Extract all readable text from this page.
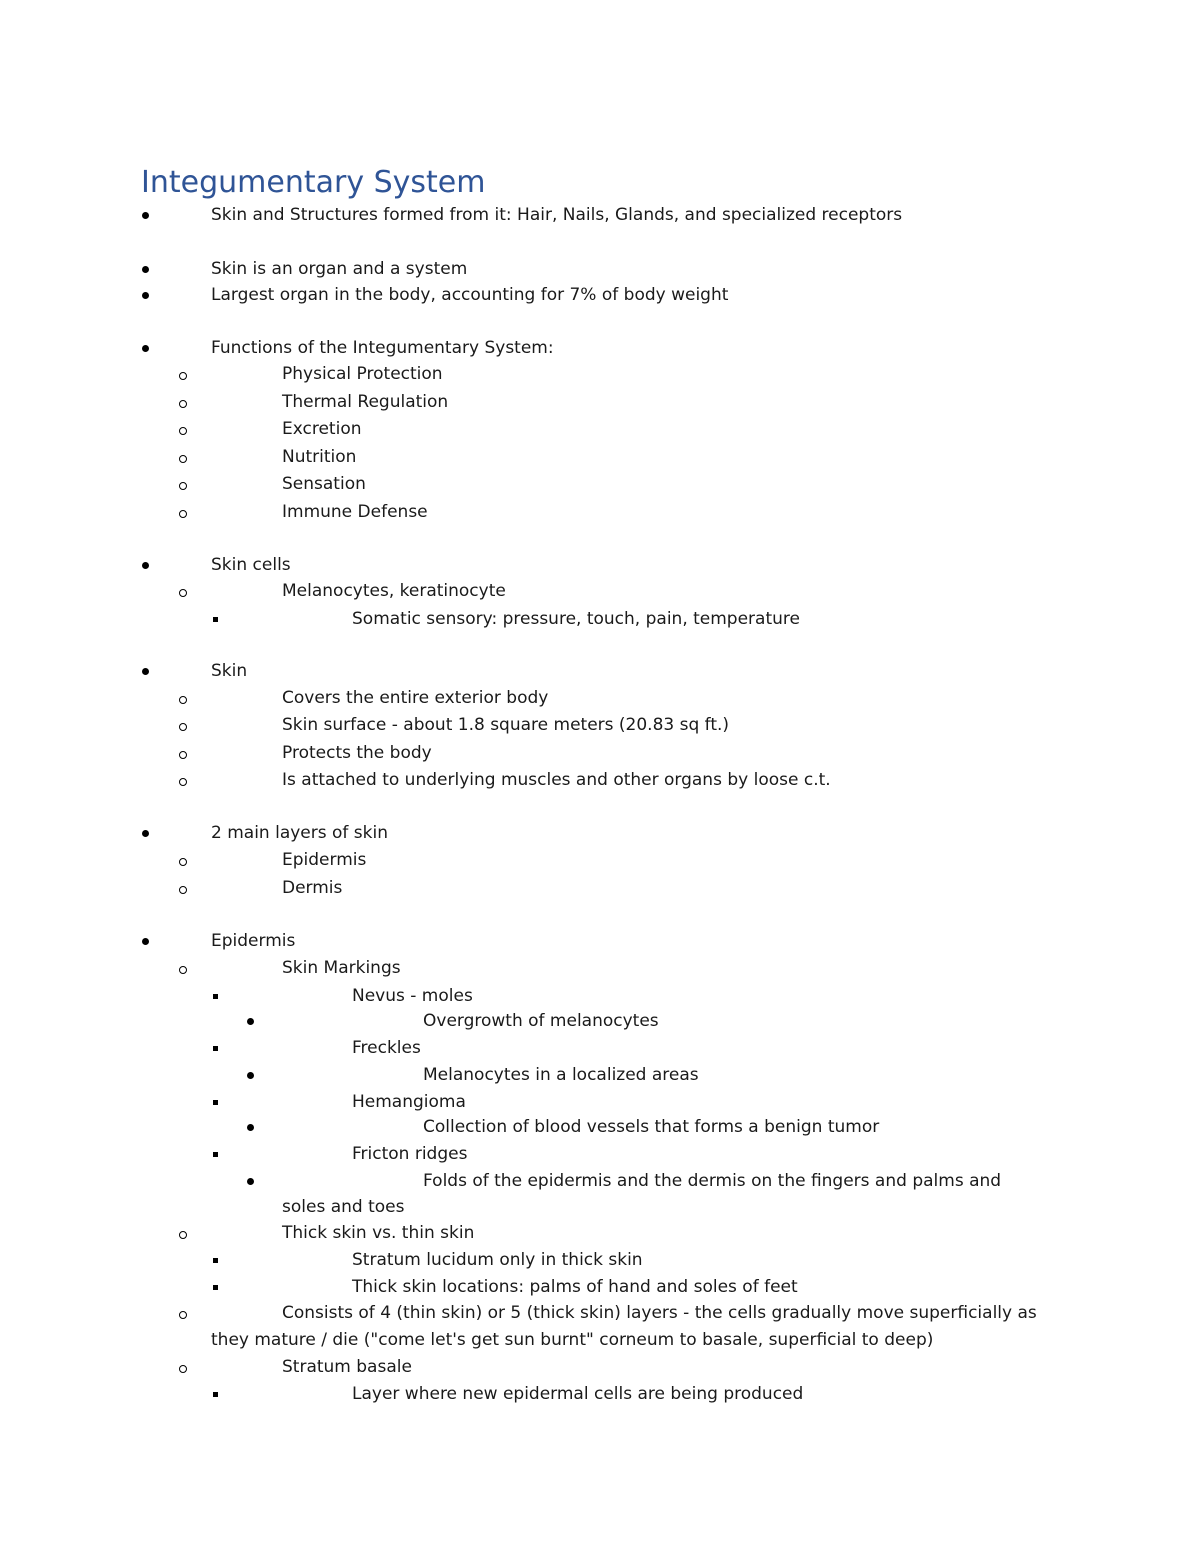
Integumentary System
Skin and Structures formed from it: Hair, Nails, Glands, and specialized receptors
Skin is an organ and a system
Largest organ in the body, accounting for 7% of body weight
Functions of the Integumentary System:
Physical Protection
Thermal Regulation
Excretion
Nutrition
Sensation
Immune Defense
Skin cells
Melanocytes, keratinocyte
Somatic sensory: pressure, touch, pain, temperature
Skin
Covers the entire exterior body
Skin surface - about 1.8 square meters (20.83 sq ft.)
Protects the body
Is attached to underlying muscles and other organs by loose c.t.
2 main layers of skin
Epidermis
Dermis
Epidermis
Skin Markings
Nevus - moles
Overgrowth of melanocytes
Freckles
Melanocytes in a localized areas
Hemangioma
Collection of blood vessels that forms a benign tumor
Fricton ridges
Folds of the epidermis and the dermis on the fingers and palms and
soles and toes
Thick skin vs. thin skin
Stratum lucidum only in thick skin
Thick skin locations: palms of hand and soles of feet
Consists of 4 (thin skin) or 5 (thick skin) layers - the cells gradually move superficially as
they mature / die ("come let's get sun burnt" corneum to basale, superficial to deep)
Stratum basale
Layer where new epidermal cells are being produced
